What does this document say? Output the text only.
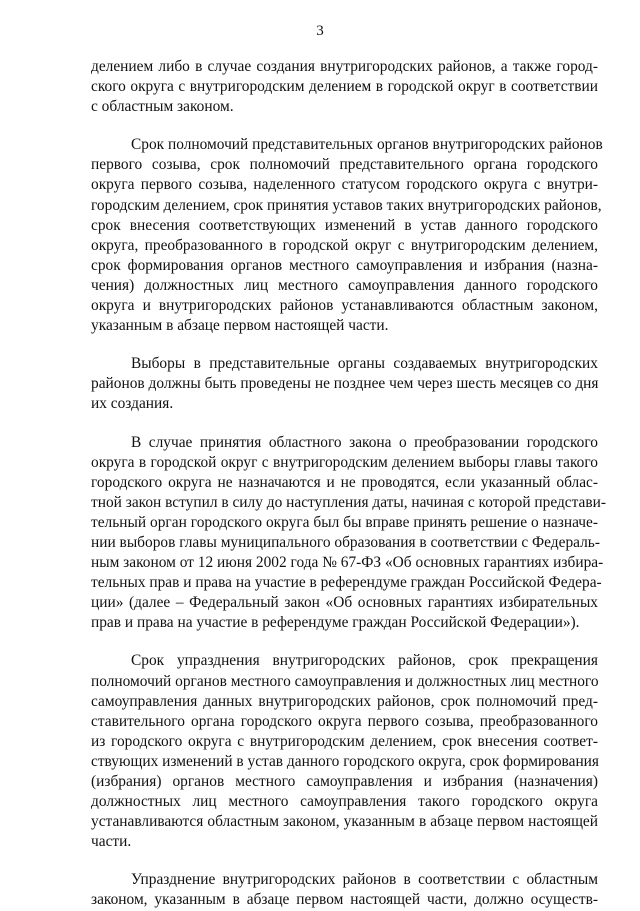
3

делением либо в случае создания внутригородских районов, а также город-
ского округа с внутригородским делением в городской округ в соответствии
с областным законом.

Срок полномочий представительных органов внутригородских районов
первого созыва, срок полномочий представительного органа городского
округа первого созыва, наделенного статусом городского округа с внутри-
городским делением, срок принятия уставов таких внутригородских районов,
срок внесения соответствующих изменений в устав данного городского
округа, преобразованного в городской округ с внутригородским делением,
срок формирования органов местного самоуправления и избрания (назна-
чения) должностных лиц местного самоуправления данного городского
округа и внутригородских районов устанавливаются областным законом,
указанным в абзаце первом настоящей части.

Выборы в представительные органы создаваемых внутригородских
районов должны быть проведены не позднее чем через шесть месяцев со дня
их создания.

В случае принятия областного закона о преобразовании городского
округа в городской округ с внутригородским делением выборы главы такого
городского округа не назначаются и не проводятся, если указанный облас-
тной закон вступил в силу до наступления даты, начиная с которой представи-
тельный орган городского округа был бы вправе принять решение о назначе-
нии выборов главы муниципального образования в соответствии с Федераль-
ным законом от 12 июня 2002 года № 67-ФЗ «Об основных гарантиях избира-
тельных прав и права на участие в референдуме граждан Российской Федера-
ции» (далее – Федеральный закон «Об основных гарантиях избирательных
прав и права на участие в референдуме граждан Российской Федерации»).

Срок упразднения внутригородских районов, срок прекращения
полномочий органов местного самоуправления и должностных лиц местного
самоуправления данных внутригородских районов, срок полномочий пред-
ставительного органа городского округа первого созыва, преобразованного
из городского округа с внутригородским делением, срок внесения соответ-
ствующих изменений в устав данного городского округа, срок формирования
(избрания) органов местного самоуправления и избрания (назначения)
должностных лиц местного самоуправления такого городского округа
устанавливаются областным законом, указанным в абзаце первом настоящей
части.

Упразднение внутригородских районов в соответствии с областным
законом, указанным в абзаце первом настоящей части, должно осуществ-
